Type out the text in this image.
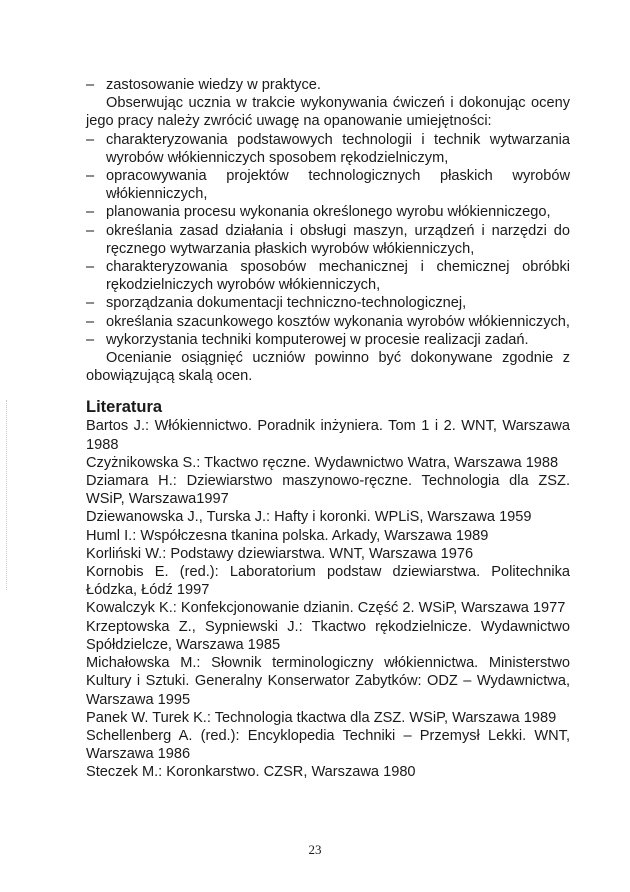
– zastosowanie wiedzy w praktyce.

Obserwując ucznia w trakcie wykonywania ćwiczeń i dokonując oceny jego pracy należy zwrócić uwagę na opanowanie umiejętności:

– charakteryzowania podstawowych technologii i technik wytwarzania wyrobów włókienniczych sposobem rękodzielniczym,
– opracowywania projektów technologicznych płaskich wyrobów włókienniczych,
– planowania procesu wykonania określonego wyrobu włókienniczego,
– określania zasad działania i obsługi maszyn, urządzeń i narzędzi do ręcznego wytwarzania płaskich wyrobów włókienniczych,
– charakteryzowania sposobów mechanicznej i chemicznej obróbki rękodzielniczych wyrobów włókienniczych,
– sporządzania dokumentacji techniczno-technologicznej,
– określania szacunkowego kosztów wykonania wyrobów włókienniczych,
– wykorzystania techniki komputerowej w procesie realizacji zadań.

Ocenianie osiągnięć uczniów powinno być dokonywane zgodnie z obowiązującą skalą ocen.

Literatura
Bartos J.: Włókiennictwo. Poradnik inżyniera. Tom 1 i 2. WNT, Warszawa 1988
Czyżnikowska S.: Tkactwo ręczne. Wydawnictwo Watra, Warszawa 1988
Dziamara H.: Dziewiarstwo maszynowo-ręczne. Technologia dla ZSZ. WSiP, Warszawa1997
Dziewanowska J., Turska J.: Hafty i koronki. WPLiS, Warszawa 1959
Huml I.: Współczesna tkanina polska. Arkady, Warszawa 1989
Korliński W.: Podstawy dziewiarstwa. WNT, Warszawa 1976
Kornobis E. (red.): Laboratorium podstaw dziewiarstwa. Politechnika Łódzka, Łódź 1997
Kowalczyk K.: Konfekcjonowanie dzianin. Część 2. WSiP, Warszawa 1977
Krzeptowska Z., Sypniewski J.: Tkactwo rękodzielnicze. Wydawnictwo Spółdzielcze, Warszawa 1985
Michałowska M.: Słownik terminologiczny włókiennictwa. Ministerstwo Kultury i Sztuki. Generalny Konserwator Zabytków: ODZ – Wydawnictwa, Warszawa 1995
Panek W. Turek K.: Technologia tkactwa dla ZSZ. WSiP, Warszawa 1989
Schellenberg A. (red.): Encyklopedia Techniki – Przemysł Lekki. WNT, Warszawa 1986
Steczek M.: Koronkarstwo. CZSR, Warszawa 1980
23
